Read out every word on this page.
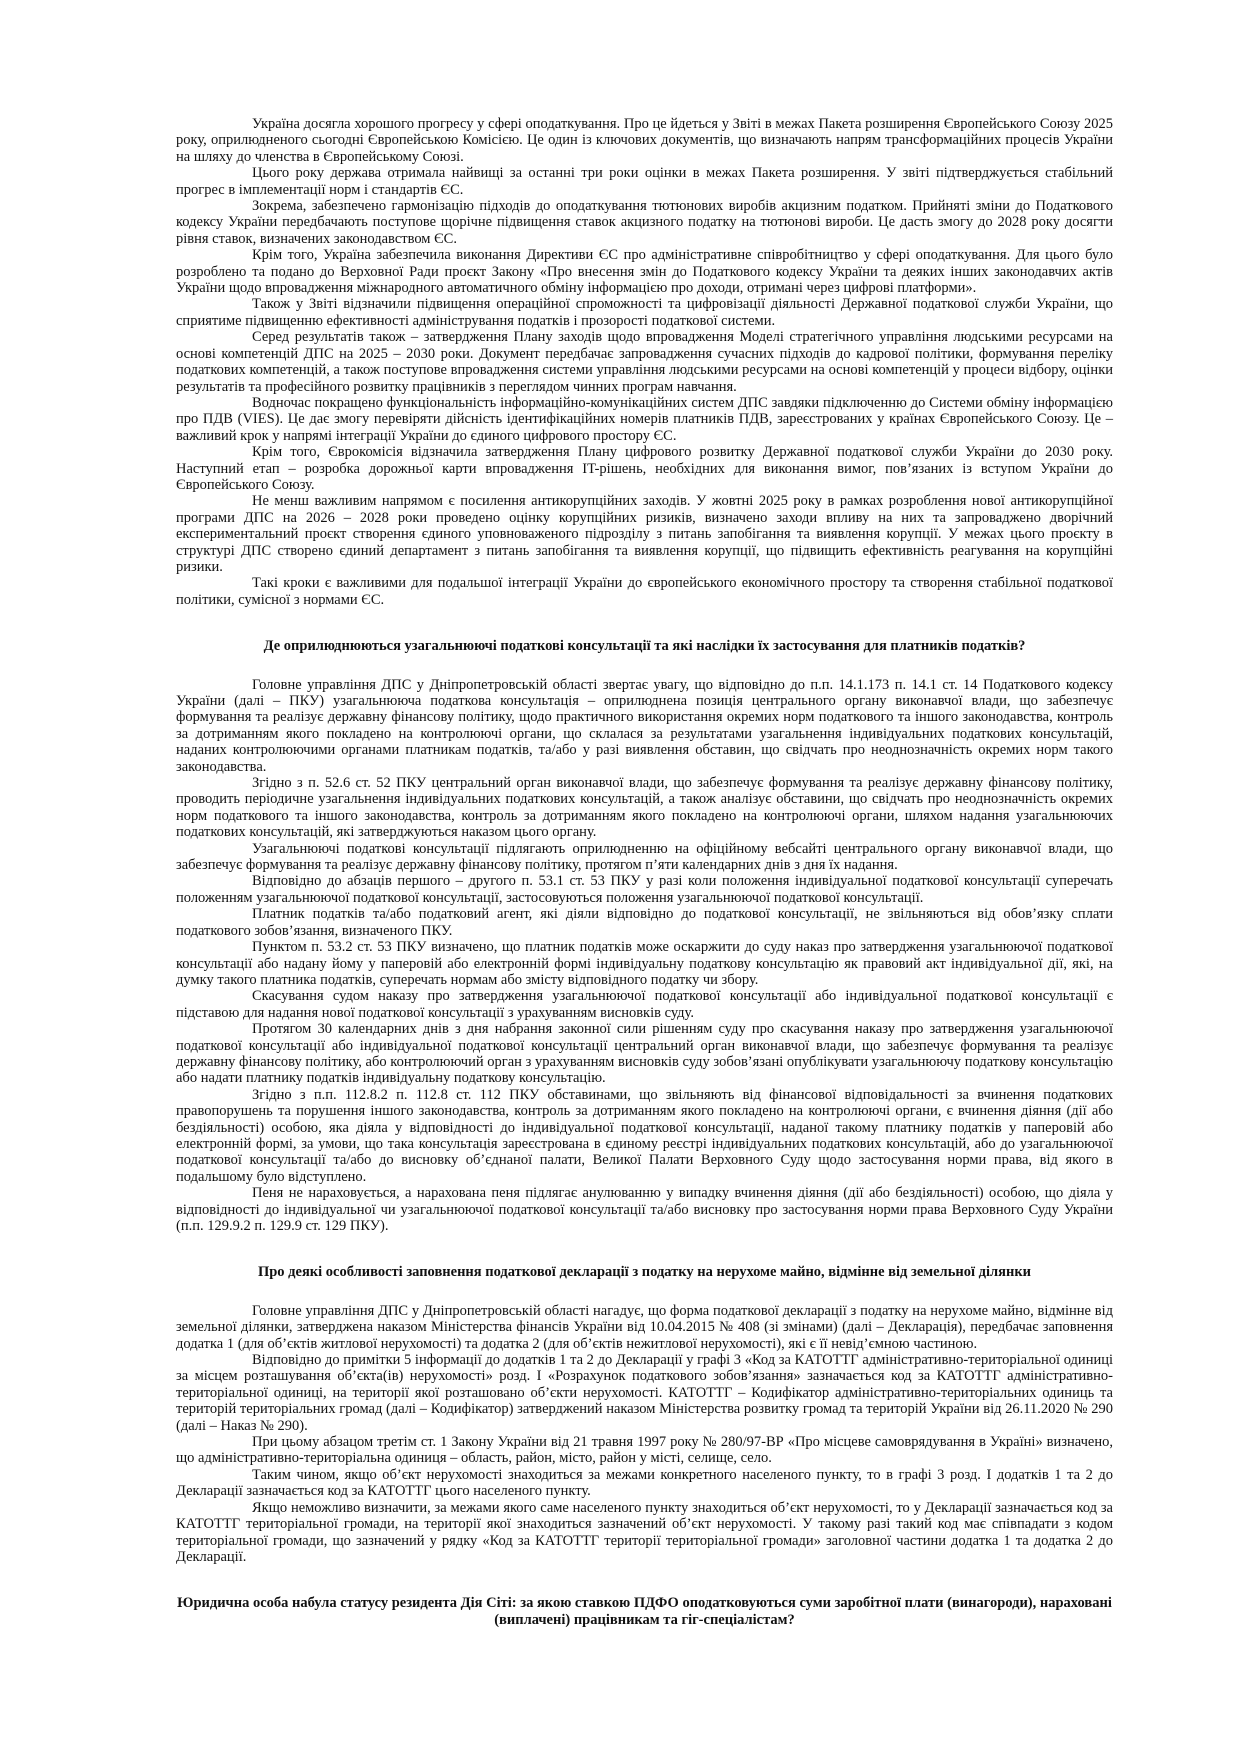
Україна досягла хорошого прогресу у сфері оподаткування. Про це йдеться у Звіті в межах Пакета розширення Європейського Союзу 2025 року, оприлюдненого сьогодні Європейською Комісією. Це один із ключових документів, що визначають напрям трансформаційних процесів України на шляху до членства в Європейському Союзі.

Цього року держава отримала найвищі за останні три роки оцінки в межах Пакета розширення. У звіті підтверджується стабільний прогрес в імплементації норм і стандартів ЄС.

Зокрема, забезпечено гармонізацію підходів до оподаткування тютюнових виробів акцизним податком. Прийняті зміни до Податкового кодексу України передбачають поступове щорічне підвищення ставок акцизного податку на тютюнові вироби. Це дасть змогу до 2028 року досягти рівня ставок, визначених законодавством ЄС.

Крім того, Україна забезпечила виконання Директиви ЄС про адміністративне співробітництво у сфері оподаткування. Для цього було розроблено та подано до Верховної Ради проєкт Закону «Про внесення змін до Податкового кодексу України та деяких інших законодавчих актів України щодо впровадження міжнародного автоматичного обміну інформацією про доходи, отримані через цифрові платформи».

Також у Звіті відзначили підвищення операційної спроможності та цифровізації діяльності Державної податкової служби України, що сприятиме підвищенню ефективності адміністрування податків і прозорості податкової системи.

Серед результатів також – затвердження Плану заходів щодо впровадження Моделі стратегічного управління людськими ресурсами на основі компетенцій ДПС на 2025 – 2030 роки. Документ передбачає запровадження сучасних підходів до кадрової політики, формування переліку податкових компетенцій, а також поступове впровадження системи управління людськими ресурсами на основі компетенцій у процеси відбору, оцінки результатів та професійного розвитку працівників з переглядом чинних програм навчання.

Водночас покращено функціональність інформаційно-комунікаційних систем ДПС завдяки підключенню до Системи обміну інформацією про ПДВ (VIES). Це дає змогу перевіряти дійсність ідентифікаційних номерів платників ПДВ, зареєстрованих у країнах Європейського Союзу. Це – важливий крок у напрямі інтеграції України до єдиного цифрового простору ЄС.

Крім того, Єврокомісія відзначила затвердження Плану цифрового розвитку Державної податкової служби України до 2030 року. Наступний етап – розробка дорожньої карти впровадження IT-рішень, необхідних для виконання вимог, пов’язаних із вступом України до Європейського Союзу.

Не менш важливим напрямом є посилення антикорупційних заходів. У жовтні 2025 року в рамках розроблення нової антикорупційної програми ДПС на 2026 – 2028 роки проведено оцінку корупційних ризиків, визначено заходи впливу на них та запроваджено дворічний експериментальний проєкт створення єдиного уповноваженого підрозділу з питань запобігання та виявлення корупції. У межах цього проєкту в структурі ДПС створено єдиний департамент з питань запобігання та виявлення корупції, що підвищить ефективність реагування на корупційні ризики.

Такі кроки є важливими для подальшої інтеграції України до європейського економічного простору та створення стабільної податкової політики, сумісної з нормами ЄС.

Де оприлюднюються узагальнюючі податкові консультації та які наслідки їх застосування для платників податків?

Головне управління ДПС у Дніпропетровській області звертає увагу, що відповідно до п.п. 14.1.173 п. 14.1 ст. 14 Податкового кодексу України (далі – ПКУ) узагальнююча податкова консультація – оприлюднена позиція центрального органу виконавчої влади, що забезпечує формування та реалізує державну фінансову політику, щодо практичного використання окремих норм податкового та іншого законодавства, контроль за дотриманням якого покладено на контролюючі органи, що склалася за результатами узагальнення індивідуальних податкових консультацій, наданих контролюючими органами платникам податків, та/або у разі виявлення обставин, що свідчать про неоднозначність окремих норм такого законодавства.

Згідно з п. 52.6 ст. 52 ПКУ центральний орган виконавчої влади, що забезпечує формування та реалізує державну фінансову політику, проводить періодичне узагальнення індивідуальних податкових консультацій, а також аналізує обставини, що свідчать про неоднозначність окремих норм податкового та іншого законодавства, контроль за дотриманням якого покладено на контролюючі органи, шляхом надання узагальнюючих податкових консультацій, які затверджуються наказом цього органу.

Узагальнюючі податкові консультації підлягають оприлюдненню на офіційному вебсайті центрального органу виконавчої влади, що забезпечує формування та реалізує державну фінансову політику, протягом п’яти календарних днів з дня їх надання.

Відповідно до абзаців першого – другого п. 53.1 ст. 53 ПКУ у разі коли положення індивідуальної податкової консультації суперечать положенням узагальнюючої податкової консультації, застосовуються положення узагальнюючої податкової консультації.

Платник податків та/або податковий агент, які діяли відповідно до податкової консультації, не звільняються від обов’язку сплати податкового зобов’язання, визначеного ПКУ.

Пунктом п. 53.2 ст. 53 ПКУ визначено, що платник податків може оскаржити до суду наказ про затвердження узагальнюючої податкової консультації або надану йому у паперовій або електронній формі індивідуальну податкову консультацію як правовий акт індивідуальної дії, які, на думку такого платника податків, суперечать нормам або змісту відповідного податку чи збору.

Скасування судом наказу про затвердження узагальнюючої податкової консультації або індивідуальної податкової консультації є підставою для надання нової податкової консультації з урахуванням висновків суду.

Протягом 30 календарних днів з дня набрання законної сили рішенням суду про скасування наказу про затвердження узагальнюючої податкової консультації або індивідуальної податкової консультації центральний орган виконавчої влади, що забезпечує формування та реалізує державну фінансову політику, або контролюючий орган з урахуванням висновків суду зобов’язані опублікувати узагальнюючу податкову консультацію або надати платнику податків індивідуальну податкову консультацію.

Згідно з п.п. 112.8.2 п. 112.8 ст. 112 ПКУ обставинами, що звільняють від фінансової відповідальності за вчинення податкових правопорушень та порушення іншого законодавства, контроль за дотриманням якого покладено на контролюючі органи, є вчинення діяння (дії або бездіяльності) особою, яка діяла у відповідності до індивідуальної податкової консультації, наданої такому платнику податків у паперовій або електронній формі, за умови, що така консультація зареєстрована в єдиному реєстрі індивідуальних податкових консультацій, або до узагальнюючої податкової консультації та/або до висновку об’єднаної палати, Великої Палати Верховного Суду щодо застосування норми права, від якого в подальшому було відступлено.

Пеня не нараховується, а нарахована пеня підлягає анулюванню у випадку вчинення діяння (дії або бездіяльності) особою, що діяла у відповідності до індивідуальної чи узагальнюючої податкової консультації та/або висновку про застосування норми права Верховного Суду України (п.п. 129.9.2 п. 129.9 ст. 129 ПКУ).

Про деякі особливості заповнення податкової декларації з податку на нерухоме майно, відмінне від земельної ділянки

Головне управління ДПС у Дніпропетровській області нагадує, що форма податкової декларації з податку на нерухоме майно, відмінне від земельної ділянки, затверджена наказом Міністерства фінансів України від 10.04.2015 № 408 (зі змінами) (далі – Декларація), передбачає заповнення додатка 1 (для об’єктів житлової нерухомості) та додатка 2 (для об’єктів нежитлової нерухомості), які є її невід’ємною частиною.

Відповідно до примітки 5 інформації до додатків 1 та 2 до Декларації у графі 3 «Код за КАТОТТГ адміністративно-територіальної одиниці за місцем розташування об’єкта(ів) нерухомості» розд. I «Розрахунок податкового зобов’язання» зазначається код за КАТОТТГ адміністративно-територіальної одиниці, на території якої розташовано об’єкти нерухомості. КАТОТТГ – Кодифікатор адміністративно-територіальних одиниць та територій територіальних громад (далі – Кодифікатор) затверджений наказом Міністерства розвитку громад та територій України від 26.11.2020 № 290 (далі – Наказ № 290).

При цьому абзацом третім ст. 1 Закону України від 21 травня 1997 року № 280/97-ВР «Про місцеве самоврядування в Україні» визначено, що адміністративно-територіальна одиниця – область, район, місто, район у місті, селище, село.

Таким чином, якщо об’єкт нерухомості знаходиться за межами конкретного населеного пункту, то в графі 3 розд. I додатків 1 та 2 до Декларації зазначається код за КАТОТТГ цього населеного пункту.

Якщо неможливо визначити, за межами якого саме населеного пункту знаходиться об’єкт нерухомості, то у Декларації зазначається код за КАТОТТГ територіальної громади, на території якої знаходиться зазначений об’єкт нерухомості. У такому разі такий код має співпадати з кодом територіальної громади, що зазначений у рядку «Код за КАТОТТГ території територіальної громади» заголовної частини додатка 1 та додатка 2 до Декларації.

Юридична особа набула статусу резидента Дія Сіті: за якою ставкою ПДФО оподатковуються суми заробітної плати (винагороди), нараховані (виплачені) працівникам та гіг-спеціалістам?
